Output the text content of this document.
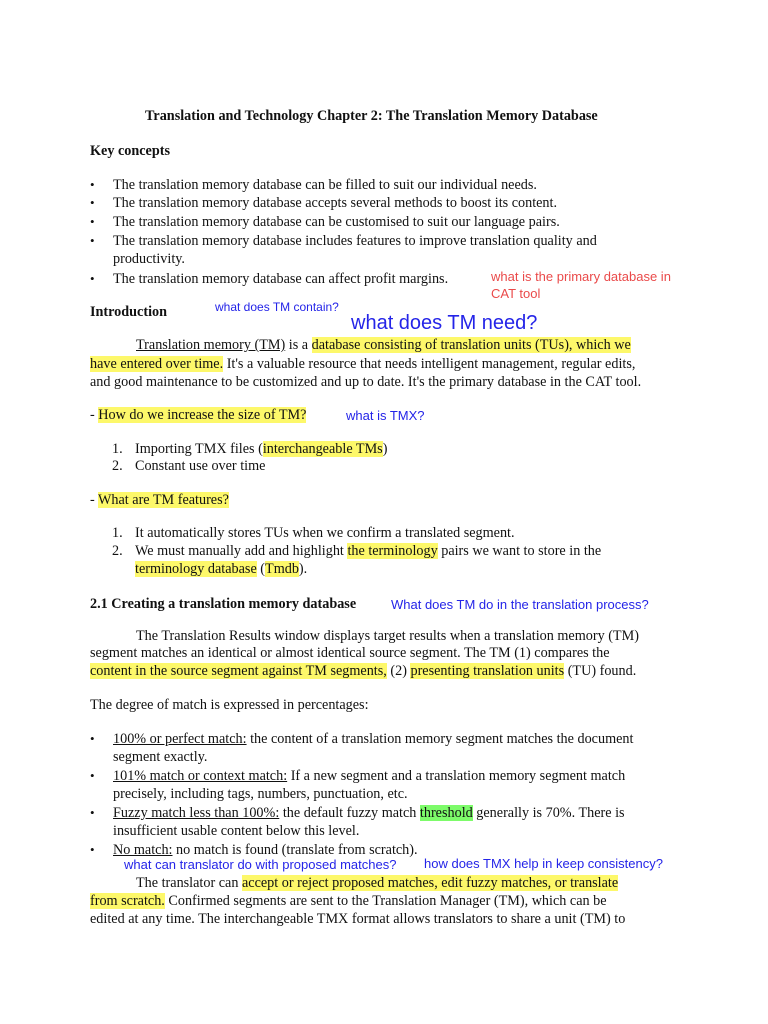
Translation and Technology Chapter 2: The Translation Memory Database
Key concepts
• The translation memory database can be filled to suit our individual needs.
• The translation memory database accepts several methods to boost its content.
• The translation memory database can be customised to suit our language pairs.
• The translation memory database includes features to improve translation quality and
productivity.
• The translation memory database can affect profit margins.	what is the primary database in
CAT tool
Introduction	what does TM contain?
what does TM need?
Translation memory (TM) is a database consisting of translation units (TUs), which we
have entered over time. It's a valuable resource that needs intelligent management, regular edits,
and good maintenance to be customized and up to date. It's the primary database in the CAT tool.
- How do we increase the size of TM?	what is TMX?
1. Importing TMX files (interchangeable TMs)
2. Constant use over time
- What are TM features?
1. It automatically stores TUs when we confirm a translated segment.
2. We must manually add and highlight the terminology pairs we want to store in the
terminology database (Tmdb).
2.1 Creating a translation memory database	What does TM do in the translation process?
The Translation Results window displays target results when a translation memory (TM)
segment matches an identical or almost identical source segment. The TM (1) compares the
content in the source segment against TM segments, (2) presenting translation units (TU) found.
The degree of match is expressed in percentages:
• 100% or perfect match: the content of a translation memory segment matches the document
segment exactly.
• 101% match or context match: If a new segment and a translation memory segment match
precisely, including tags, numbers, punctuation, etc.
• Fuzzy match less than 100%: the default fuzzy match threshold generally is 70%. There is
insufficient usable content below this level.
• No match: no match is found (translate from scratch).
what can translator do with proposed matches? how does TMX help in keep consistency?
The translator can accept or reject proposed matches, edit fuzzy matches, or translate
from scratch. Confirmed segments are sent to the Translation Manager (TM), which can be
edited at any time. The interchangeable TMX format allows translators to share a unit (TM) to
